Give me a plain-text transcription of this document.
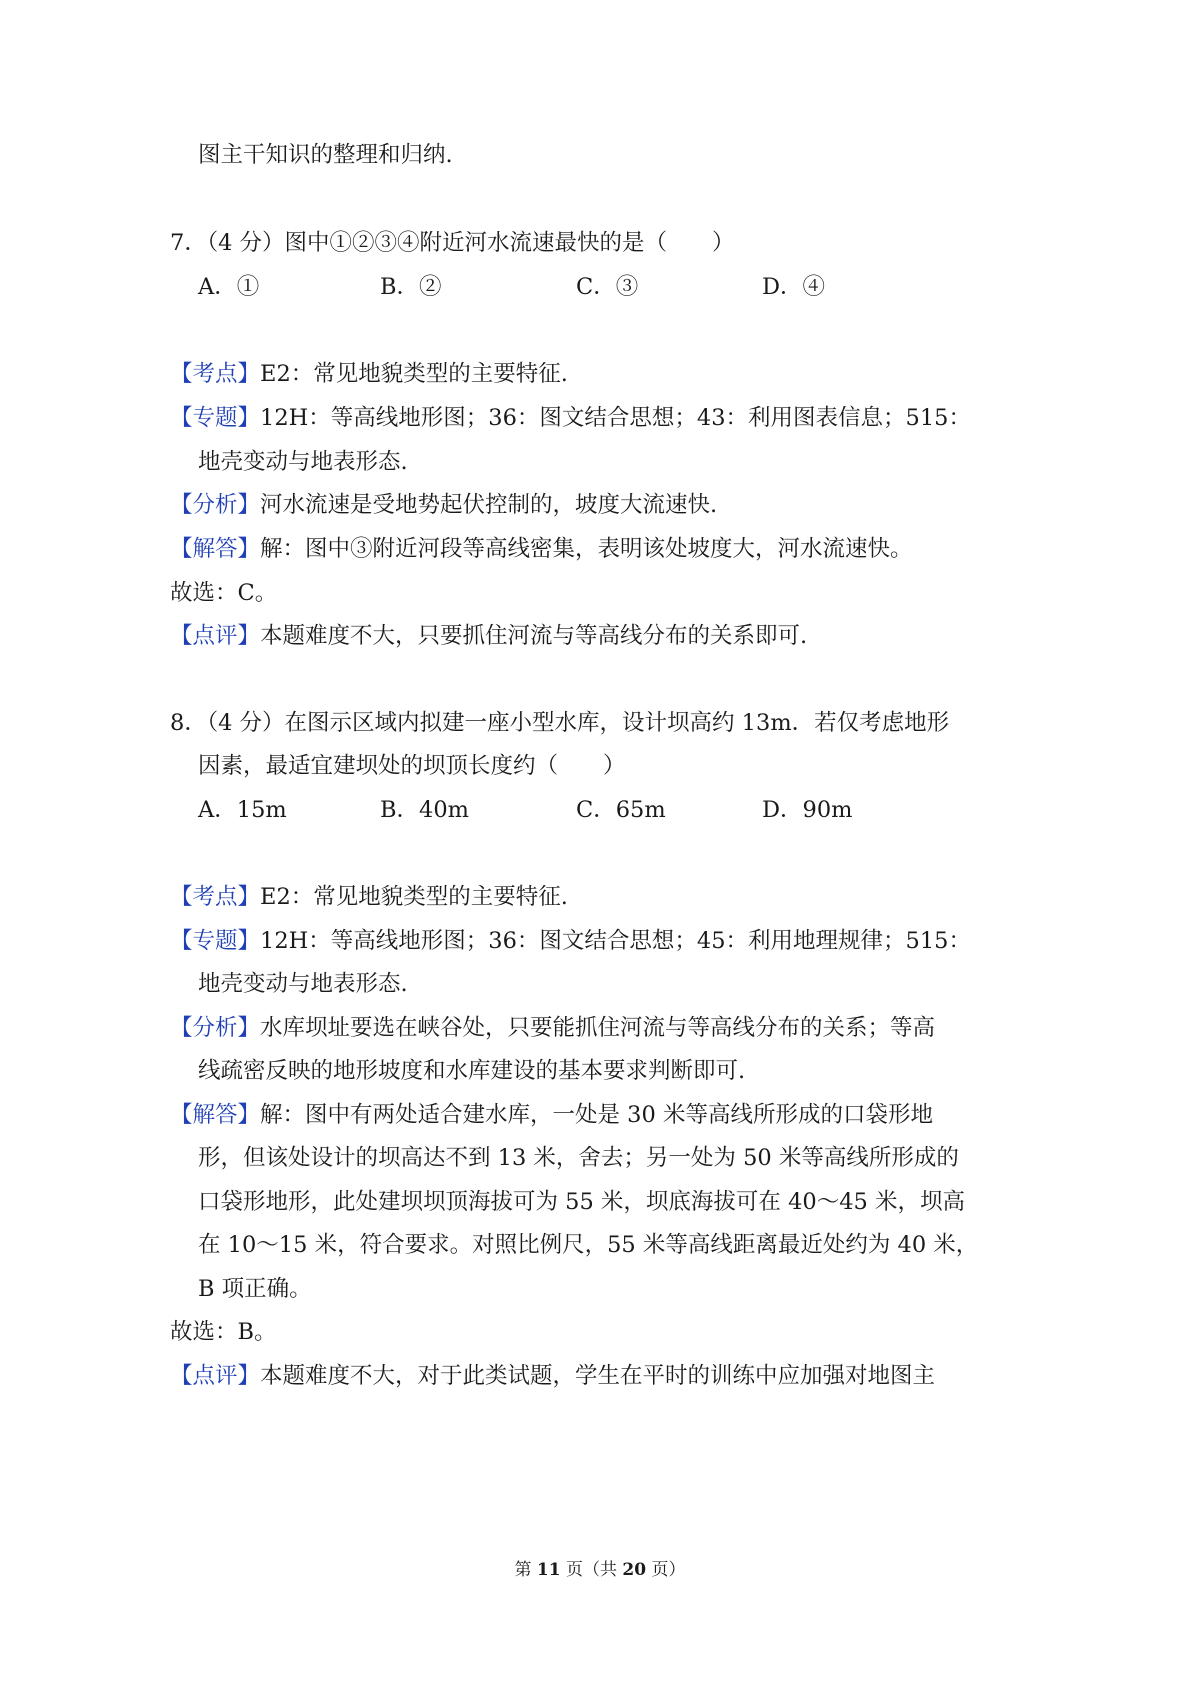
图主干知识的整理和归纳.
7．（4 分）图中①②③④附近河水流速最快的是（　　）
A．①	B．②	C．③	D．④
【考点】E2：常见地貌类型的主要特征.
【专题】12H：等高线地形图；36：图文结合思想；43：利用图表信息；515：
地壳变动与地表形态.
【分析】河水流速是受地势起伏控制的，坡度大流速快.
【解答】解：图中③附近河段等高线密集，表明该处坡度大，河水流速快。
故选：C。
【点评】本题难度不大，只要抓住河流与等高线分布的关系即可.
8．（4 分）在图示区域内拟建一座小型水库，设计坝高约 13m．若仅考虑地形
因素，最适宜建坝处的坝顶长度约（　　）
A．15m	B．40m	C．65m	D．90m
【考点】E2：常见地貌类型的主要特征.
【专题】12H：等高线地形图；36：图文结合思想；45：利用地理规律；515：
地壳变动与地表形态.
【分析】水库坝址要选在峡谷处，只要能抓住河流与等高线分布的关系；等高
线疏密反映的地形坡度和水库建设的基本要求判断即可.
【解答】解：图中有两处适合建水库，一处是 30 米等高线所形成的口袋形地
形，但该处设计的坝高达不到 13 米，舍去；另一处为 50 米等高线所形成的
口袋形地形，此处建坝坝顶海拔可为 55 米，坝底海拔可在 40～45 米，坝高
在 10～15 米，符合要求。对照比例尺，55 米等高线距离最近处约为 40 米，
B 项正确。
故选：B。
【点评】本题难度不大，对于此类试题，学生在平时的训练中应加强对地图主
第 11 页（共 20 页）
